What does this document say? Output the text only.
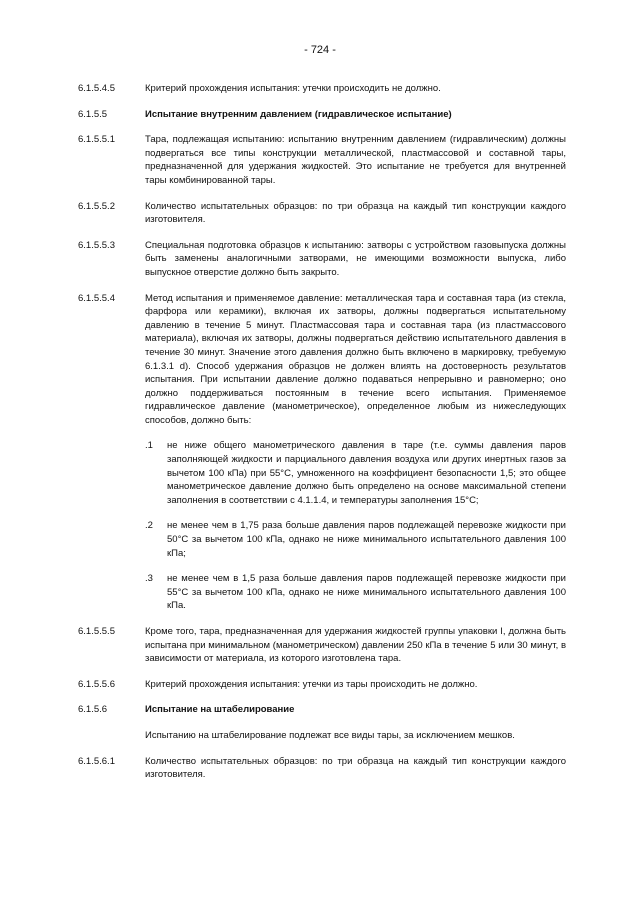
- 724 -
6.1.5.4.5	Критерий прохождения испытания: утечки происходить не должно.
6.1.5.5	Испытание внутренним давлением (гидравлическое испытание)
6.1.5.5.1	Тара, подлежащая испытанию: испытанию внутренним давлением (гидравлическим) должны подвергаться все типы конструкции металлической, пластмассовой и составной тары, предназначенной для удержания жидкостей. Это испытание не требуется для внутренней тары комбинированной тары.
6.1.5.5.2	Количество испытательных образцов: по три образца на каждый тип конструкции каждого изготовителя.
6.1.5.5.3	Специальная подготовка образцов к испытанию: затворы с устройством газовыпуска должны быть заменены аналогичными затворами, не имеющими возможности выпуска, либо выпускное отверстие должно быть закрыто.
6.1.5.5.4	Метод испытания и применяемое давление: металлическая тара и составная тара (из стекла, фарфора или керамики), включая их затворы, должны подвергаться испытательному давлению в течение 5 минут. Пластмассовая тара и составная тара (из пластмассового материала), включая их затворы, должны подвергаться действию испытательного давления в течение 30 минут. Значение этого давления должно быть включено в маркировку, требуемую 6.1.3.1 d). Способ удержания образцов не должен влиять на достоверность результатов испытания. При испытании давление должно подаваться непрерывно и равномерно; оно должно поддерживаться постоянным в течение всего испытания. Применяемое гидравлическое давление (манометрическое), определенное любым из нижеследующих способов, должно быть:
.1	не ниже общего манометрического давления в таре (т.е. суммы давления паров заполняющей жидкости и парциального давления воздуха или других инертных газов за вычетом 100 кПа) при 55°C, умноженного на коэффициент безопасности 1,5; это общее манометрическое давление должно быть определено на основе максимальной степени заполнения в соответствии с 4.1.1.4, и температуры заполнения 15°C;
.2	не менее чем в 1,75 раза больше давления паров подлежащей перевозке жидкости при 50°C за вычетом 100 кПа, однако не ниже минимального испытательного давления 100 кПа;
.3	не менее чем в 1,5 раза больше давления паров подлежащей перевозке жидкости при 55°C за вычетом 100 кПа, однако не ниже минимального испытательного давления 100 кПа.
6.1.5.5.5	Кроме того, тара, предназначенная для удержания жидкостей группы упаковки I, должна быть испытана при минимальном (манометрическом) давлении 250 кПа в течение 5 или 30 минут, в зависимости от материала, из которого изготовлена тара.
6.1.5.5.6	Критерий прохождения испытания: утечки из тары происходить не должно.
6.1.5.6	Испытание на штабелирование
Испытанию на штабелирование подлежат все виды тары, за исключением мешков.
6.1.5.6.1	Количество испытательных образцов: по три образца на каждый тип конструкции каждого изготовителя.
